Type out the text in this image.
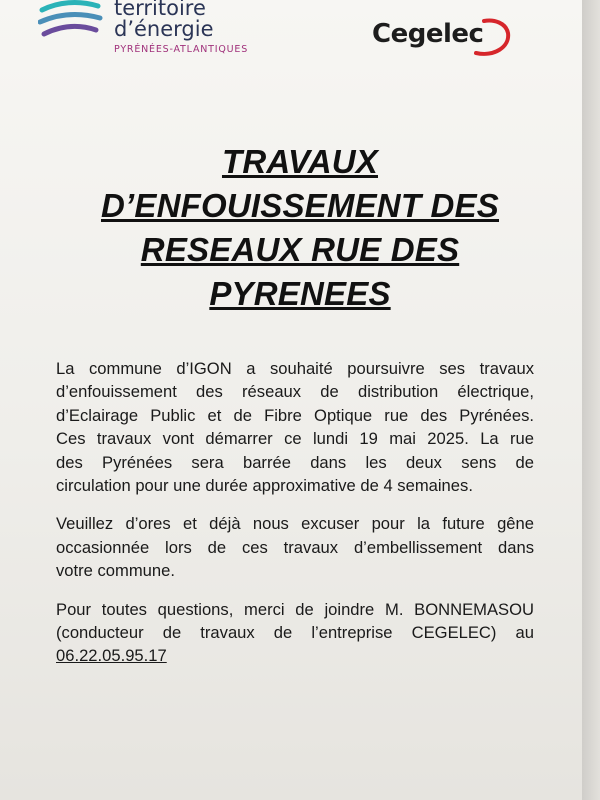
territoire
d’énergie
PYRÉNÉES-ATLANTIQUES
Cegelec
TRAVAUX
D’ENFOUISSEMENT DES
RESEAUX RUE DES
PYRENEES

La commune d’IGON a souhaité poursuivre ses travaux
d’enfouissement des réseaux de distribution électrique,
d’Eclairage Public et de Fibre Optique rue des Pyrénées.
Ces travaux vont démarrer ce lundi 19 mai 2025. La rue
des Pyrénées sera barrée dans les deux sens de
circulation pour une durée approximative de 4 semaines.

Veuillez d’ores et déjà nous excuser pour la future gêne
occasionnée lors de ces travaux d’embellissement dans
votre commune.

Pour toutes questions, merci de joindre M. BONNEMASOU
(conducteur de travaux de l’entreprise CEGELEC) au
06.22.05.95.17
